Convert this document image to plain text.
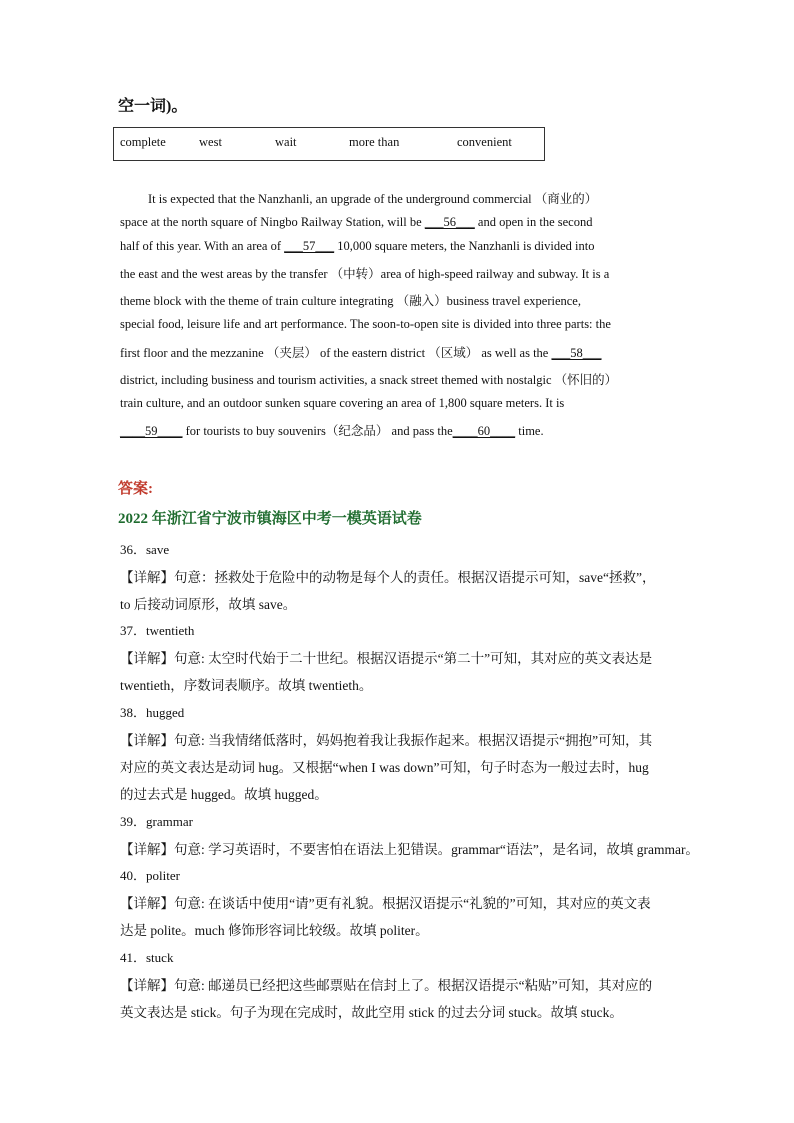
空一词)。
complete	west	wait	more than	convenient
It is expected that the Nanzhanli, an upgrade of the underground commercial （商业的）
space at the north square of Ningbo Railway Station, will be ___56___ and open in the second
half of this year. With an area of ___57___ 10,000 square meters, the Nanzhanli is divided into
the east and the west areas by the transfer （中转）area of high-speed railway and subway. It is a
theme block with the theme of train culture integrating （融入）business travel experience,
special food, leisure life and art performance. The soon-to-open site is divided into three parts: the
first floor and the mezzanine （夹层） of the eastern district （区域） as well as the ___58___
district, including business and tourism activities, a snack street themed with nostalgic （怀旧的）
train culture, and an outdoor sunken square covering an area of 1,800 square meters. It is
____59____ for tourists to buy souvenirs（纪念品） and pass the____60____ time.
答案:
2022 年浙江省宁波市镇海区中考一模英语试卷
36．save
【详解】句意：拯救处于危险中的动物是每个人的责任。根据汉语提示可知，save“拯救”，
to 后接动词原形，故填 save。
37．twentieth
【详解】句意: 太空时代始于二十世纪。根据汉语提示“第二十”可知，其对应的英文表达是
twentieth，序数词表顺序。故填 twentieth。
38．hugged
【详解】句意: 当我情绪低落时，妈妈抱着我让我振作起来。根据汉语提示“拥抱”可知，其
对应的英文表达是动词 hug。又根据“when I was down”可知，句子时态为一般过去时，hug
的过去式是 hugged。故填 hugged。
39．grammar
【详解】句意: 学习英语时，不要害怕在语法上犯错误。grammar“语法”，是名词，故填 grammar。
40．politer
【详解】句意: 在谈话中使用“请”更有礼貌。根据汉语提示“礼貌的”可知，其对应的英文表
达是 polite。much 修饰形容词比较级。故填 politer。
41．stuck
【详解】句意: 邮递员已经把这些邮票贴在信封上了。根据汉语提示“粘贴”可知，其对应的
英文表达是 stick。句子为现在完成时，故此空用 stick 的过去分词 stuck。故填 stuck。
